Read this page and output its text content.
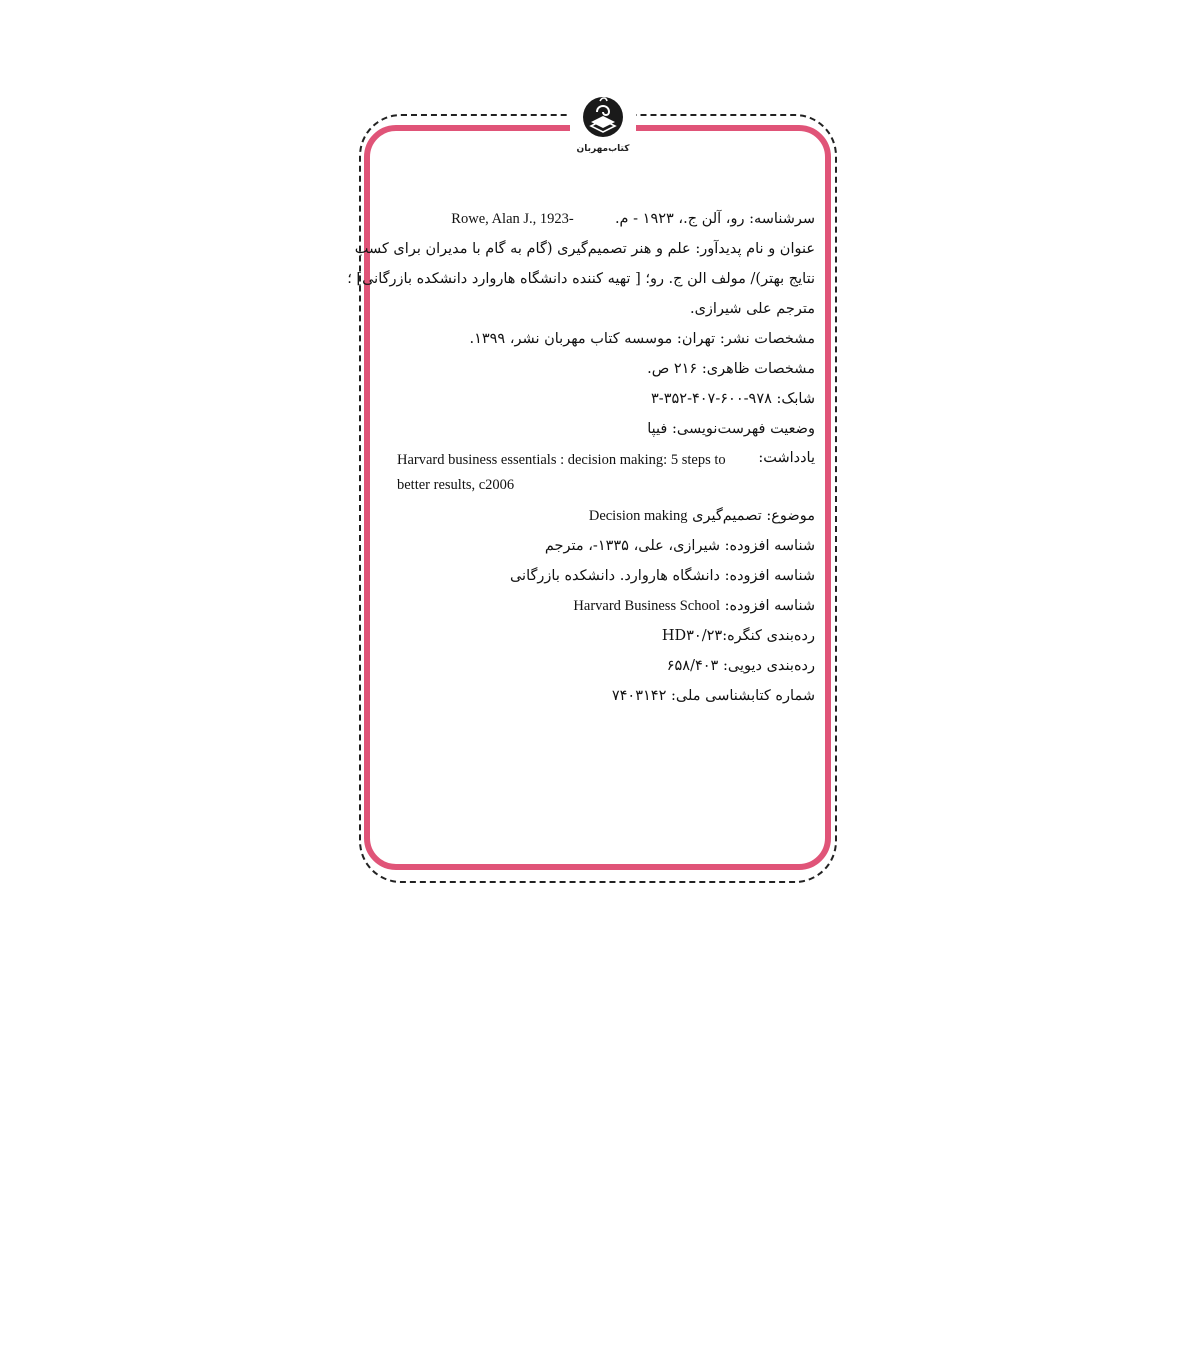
کتاب‌مهربان
سرشناسه: رو، آلن ج.، ۱۹۲۳ - م.  Rowe, Alan J., 1923-
عنوان و نام پدیدآور: علم و هنر تصمیم‌گیری (گام به گام با مدیران برای کسب
نتایج بهتر)/ مولف الن ج. رو؛ [ تهیه کننده دانشگاه هاروارد دانشکده بازرگانی] ؛
مترجم علی شیرازی.
مشخصات نشر: تهران: موسسه کتاب مهربان نشر، ۱۳۹۹.
مشخصات ظاهری: ۲۱۶ ص.
شابک: ۹۷۸-۶۰۰-۴۰۷-۳۵۲-۳
وضعیت فهرست‌نویسی: فیپا
یادداشت:
Harvard business essentials : decision making: 5 steps to better results, c2006
موضوع: تصمیم‌گیری Decision making
شناسه افزوده: شیرازی، علی، ۱۳۳۵-، مترجم
شناسه افزوده: دانشگاه هاروارد. دانشکده بازرگانی
شناسه افزوده: Harvard Business School
رده‌بندی کنگره:HD۳۰/۲۳
رده‌بندی دیویی: ۶۵۸/۴۰۳
شماره کتابشناسی ملی: ۷۴۰۳۱۴۲
